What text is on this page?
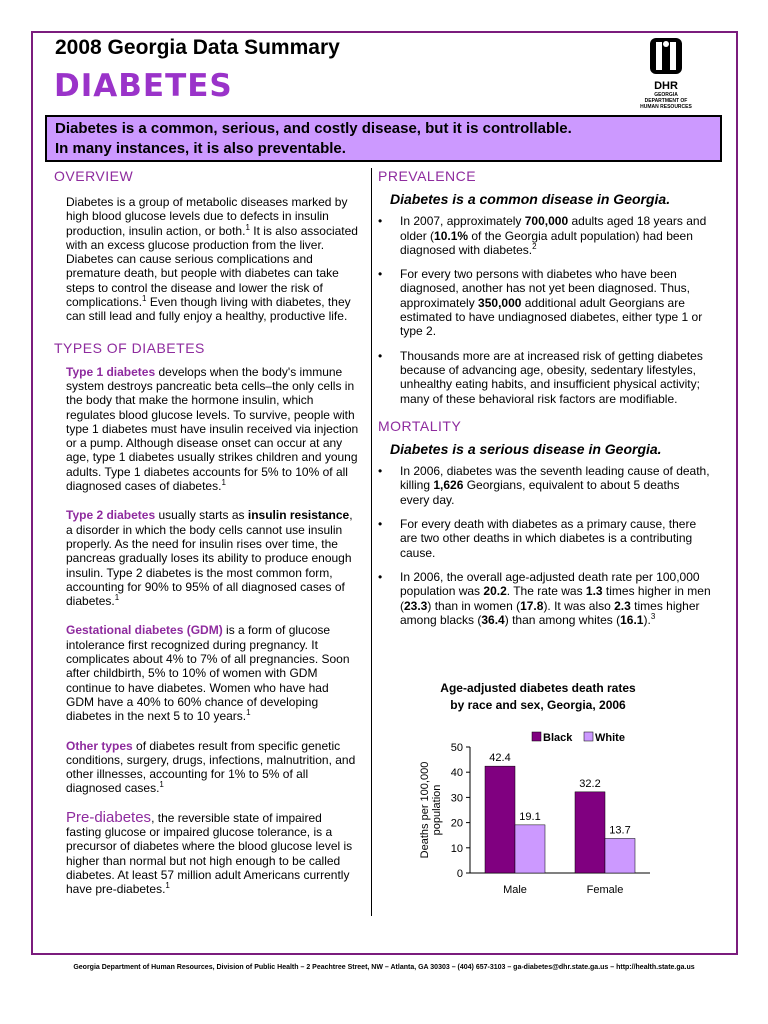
2008 Georgia Data Summary
DIABETES	DHR
GEORGIA
DEPARTMENT OF
HUMAN RESOURCES
Diabetes is a common, serious, and costly disease, but it is controllable.
In many instances, it is also preventable.
OVERVIEW

Diabetes is a group of metabolic diseases marked by high blood glucose levels due to defects in insulin production, insulin action, or both.$^1$ It is also associated with an excess glucose production from the liver. Diabetes can cause serious complications and premature death, but people with diabetes can take steps to control the disease and lower the risk of complications.$^1$ Even though living with diabetes, they can still lead and fully enjoy a healthy, productive life.

TYPES OF DIABETES

Type 1 diabetes develops when the body's immune system destroys pancreatic beta cells–the only cells in the body that make the hormone insulin, which regulates blood glucose levels. To survive, people with type 1 diabetes must have insulin received via injection or a pump. Although disease onset can occur at any age, type 1 diabetes usually strikes children and young adults. Type 1 diabetes accounts for 5% to 10% of all diagnosed cases of diabetes.$^1$

Type 2 diabetes usually starts as insulin resistance, a disorder in which the body cells cannot use insulin properly. As the need for insulin rises over time, the pancreas gradually loses its ability to produce enough insulin. Type 2 diabetes is the most common form, accounting for 90% to 95% of all diagnosed cases of diabetes.$^1$

Gestational diabetes (GDM) is a form of glucose intolerance first recognized during pregnancy. It complicates about 4% to 7% of all pregnancies. Soon after childbirth, 5% to 10% of women with GDM continue to have diabetes. Women who have had GDM have a 40% to 60% chance of developing diabetes in the next 5 to 10 years.$^1$

Other types of diabetes result from specific genetic conditions, surgery, drugs, infections, malnutrition, and other illnesses, accounting for 1% to 5% of all diagnosed cases.$^1$

Pre-diabetes, the reversible state of impaired fasting glucose or impaired glucose tolerance, is a precursor of diabetes where the blood glucose level is higher than normal but not high enough to be called diabetes. At least 57 million adult Americans currently have pre-diabetes.$^1$

PREVALENCE

Diabetes is a common disease in Georgia.

• In 2007, approximately 700,000 adults aged 18 years and older (10.1% of the Georgia adult population) had been diagnosed with diabetes.$^2$
• For every two persons with diabetes who have been diagnosed, another has not yet been diagnosed. Thus, approximately 350,000 additional adult Georgians are estimated to have undiagnosed diabetes, either type 1 or type 2.
• Thousands more are at increased risk of getting diabetes because of advancing age, obesity, sedentary lifestyles, unhealthy eating habits, and insufficient physical activity; many of these behavioral risk factors are modifiable.
MORTALITY

Diabetes is a serious disease in Georgia.

• In 2006, diabetes was the seventh leading cause of death, killing 1,626 Georgians, equivalent to about 5 deaths every day.
• For every death with diabetes as a primary cause, there are two other deaths in which diabetes is a contributing cause.
• In 2006, the overall age-adjusted death rate per 100,000 population was 20.2. The rate was 1.3 times higher in men (23.3) than in women (17.8). It was also 2.3 times higher among blacks (36.4) than among whites (16.1).$^3$
Age-adjusted diabetes death rates
by race and sex, Georgia, 2006
0
10
20
30
40
50
Deaths per 100,000 population
42.4
19.1
Male
32.2
13.7
Female
Black White
Georgia Department of Human Resources, Division of Public Health – 2 Peachtree Street, NW – Atlanta, GA 30303 – (404) 657-3103 – ga-diabetes@dhr.state.ga.us – http://health.state.ga.us
